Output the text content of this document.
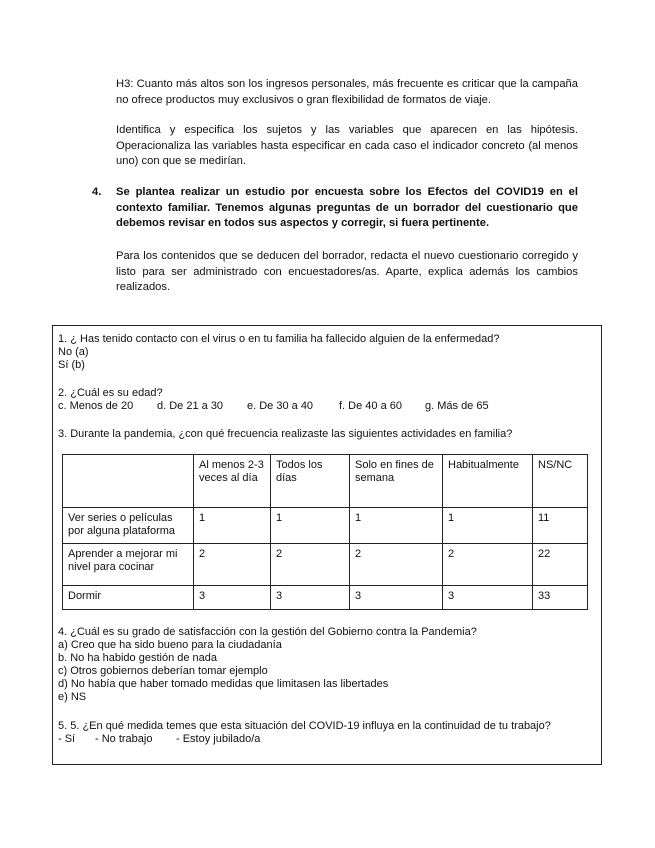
H3: Cuanto más altos son los ingresos personales, más frecuente es criticar que la campaña no ofrece productos muy exclusivos o gran flexibilidad de formatos de viaje.
Identifica y especifica los sujetos y las variables que aparecen en las hipótesis. Operacionaliza las variables hasta especificar en cada caso el indicador concreto (al menos uno) con que se medirían.
4. Se plantea realizar un estudio por encuesta sobre los Efectos del COVID19 en el contexto familiar. Tenemos algunas preguntas de un borrador del cuestionario que debemos revisar en todos sus aspectos y corregir, si fuera pertinente.
Para los contenidos que se deducen del borrador, redacta el nuevo cuestionario corregido y listo para ser administrado con encuestadores/as. Aparte, explica además los cambios realizados.
1. ¿ Has tenido contacto con el virus o en tu familia ha fallecido alguien de la enfermedad?
No (a)
Sí (b)
2. ¿Cuál es su edad?
c. Menos de 20 d. De 21 a 30 e. De 30 a 40 f. De 40 a 60 g. Más de 65
3. Durante la pandemia, ¿con qué frecuencia realizaste las siguientes actividades en familia?
	Al menos 2-3 veces al día	Todos los días	Solo en fines de semana	Habitualmente	NS/NC
Ver series o películas por alguna plataforma	1	1	1	1	11
Aprender a mejorar mi nivel para cocinar	2	2	2	2	22
Dormir	3	3	3	3	33
4. ¿Cuál es su grado de satisfacción con la gestión del Gobierno contra la Pandemia?
a) Creo que ha sido bueno para la ciudadanía
b. No ha habido gestión de nada
c) Otros gobiernos deberían tomar ejemplo
d) No había que haber tomado medidas que limitasen las libertades
e) NS
5. 5. ¿En qué medida temes que esta situación del COVID-19 influya en la continuidad de tu trabajo?
- Sí - No trabajo - Estoy jubilado/a
